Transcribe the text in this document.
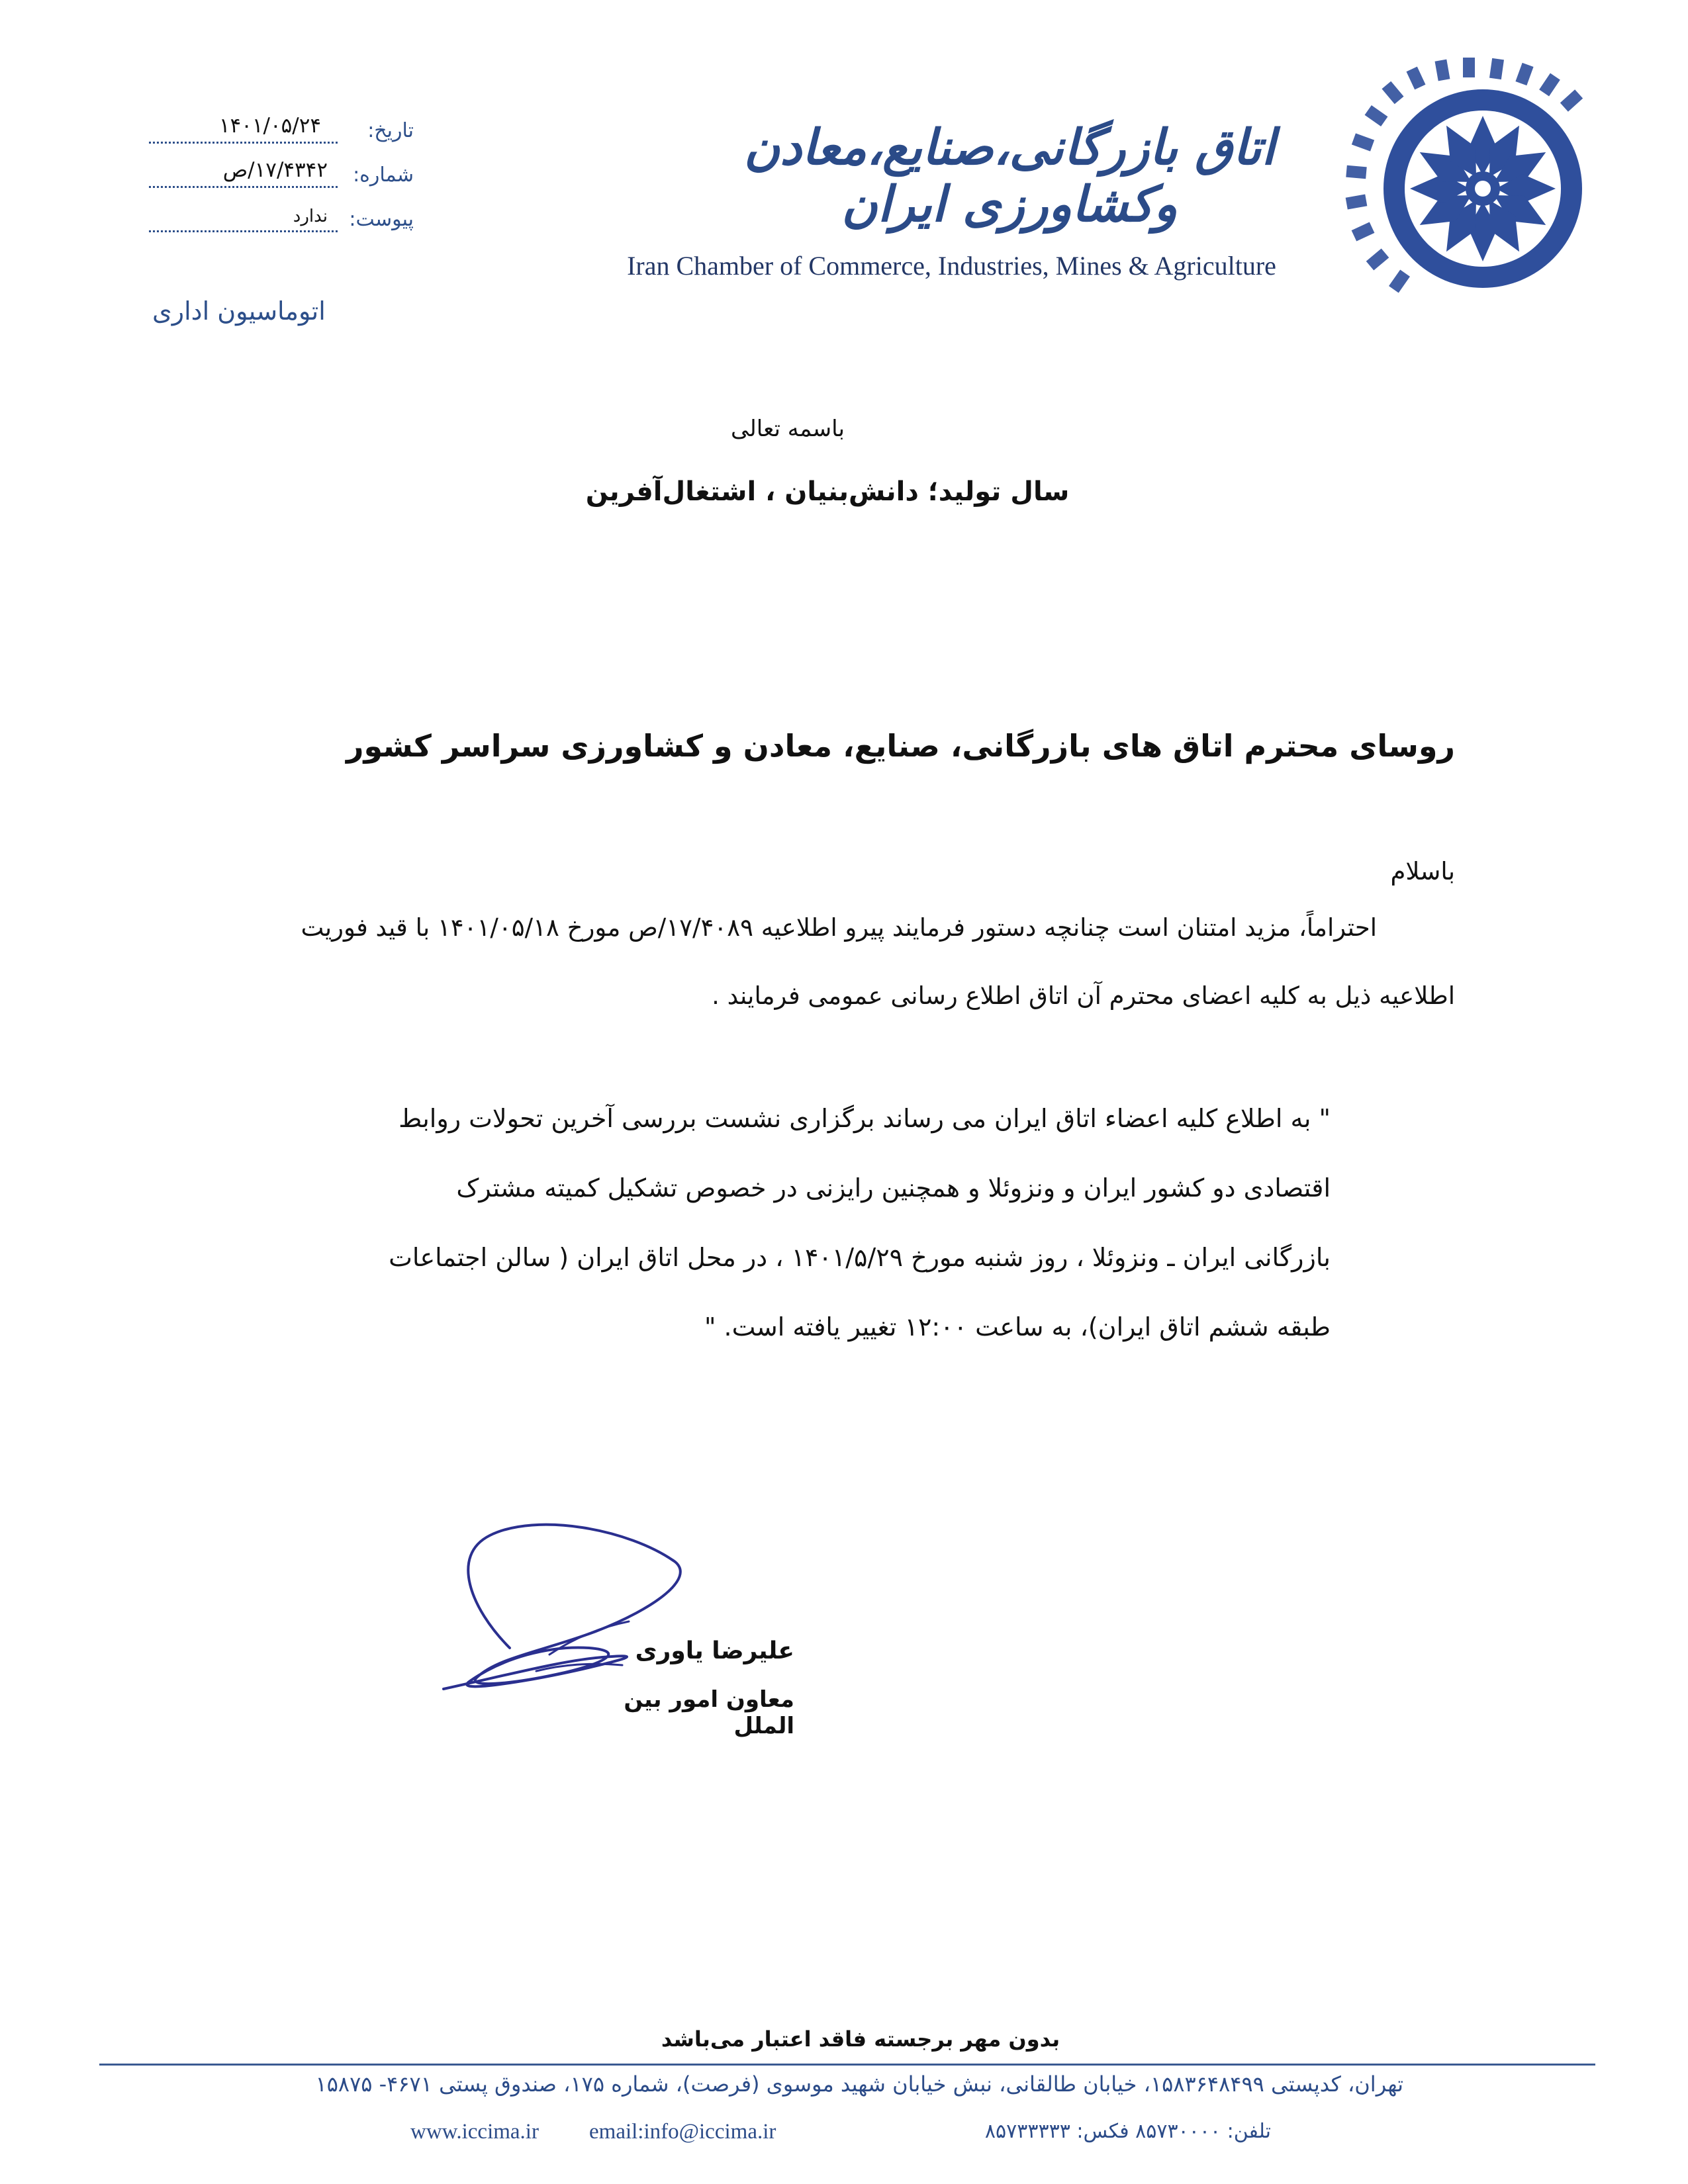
تاریخ:
۱۴۰۱/۰۵/۲۴
شماره:
۱۷/۴۳۴۲/ص
پیوست:
ندارد
اتوماسیون اداری
اتاق بازرگانی،صنایع،معادن وکشاورزی ایران
Iran Chamber of Commerce, Industries, Mines & Agriculture
باسمه تعالی
سال تولید؛ دانش‌بنیان ، اشتغال‌آفرین
روسای محترم اتاق های بازرگانی، صنایع، معادن و کشاورزی سراسر کشور
باسلام
احتراماً، مزید امتنان است چنانچه دستور فرمایند پیرو اطلاعیه ۱۷/۴۰۸۹/ص مورخ ۱۴۰۱/۰۵/۱۸ با قید فوریت
اطلاعیه ذیل به کلیه اعضای محترم آن اتاق اطلاع رسانی عمومی فرمایند .
" به اطلاع کلیه اعضاء اتاق ایران می رساند برگزاری نشست بررسی آخرین تحولات روابط
اقتصادی دو کشور ایران و ونزوئلا و همچنین رایزنی در خصوص تشکیل کمیته مشترک
بازرگانی ایران ـ ونزوئلا ، روز شنبه مورخ ۱۴۰۱/۵/۲۹ ، در محل اتاق ایران ( سالن اجتماعات
طبقه ششم اتاق ایران)، به ساعت ۱۲:۰۰ تغییر یافته است. "
علیرضا یاوری
معاون امور بین الملل
بدون مهر برجسته فاقد اعتبار می‌باشد
تهران، کدپستی ۱۵۸۳۶۴۸۴۹۹، خیابان طالقانی، نبش خیابان شهید موسوی (فرصت)، شماره ۱۷۵، صندوق پستی ۴۶۷۱- ۱۵۸۷۵
تلفن: ۸۵۷۳۰۰۰۰ فکس: ۸۵۷۳۳۳۳۳
www.iccima.ir email:info@iccima.ir
